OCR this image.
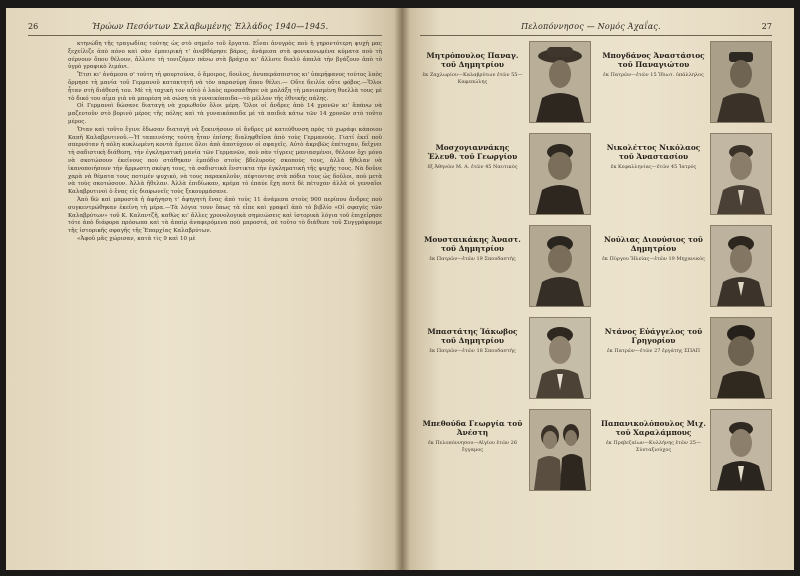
26	Ήρώων Πεσόντων Σκλαβωμένης Έλλάδος 1940—1945.

κτηνώδη τῆς τραγωδίας τούτης ὡς στὸ σημεῖο τοῦ ἔργατα. Εἶναι ἀνυγρὸς ποὺ ἡ γηροντότερη ψυχὴ μας ξεχείλιζε ἀπὸ πόνο καὶ σὰν ἐμπειρικὴ τ' ἀνεβθάρησε βάρος, ἀνάμεσα στὰ φονικονωμένα κύματα ποὺ τὴ σέρνουν ὅπου θέλουν, ἄλλοτε τὴ τονιζόμεν πάνω στὰ βράχια κι' ἄλλοτε διαλύ ἀπαλὰ τὴν βγάζουν ἀπὸ τὸ ὑγρὸ γραφικὸ λιμάνι.

Ἔτσι κι' ἀνάμεσα σ' τούτη τὴ φουρτούνα, ὁ ἄμοιρος, δουλος, ἀνυπεράσπιστος κι' ὑπερήφανος τούτος λαὸς ὅρμησε τὴ μανία τοῦ Γερμανοῦ κατακτητῆ νὰ τὸν παρασύρη ὅπου θέλει.— Οὔτε δειλία οὔτε φόβος.—Ὅλοι ἦταν στὴ διάθεσή του. Μὲ τὴ ταχικὴ τον αὐτὸ ὁ λαὸς προσπάθησε νὰ μαλάξη τὴ μανιασμένη θυελλὰ τους μὲ τὸ δικό του αἷμα γιὰ νὰ μπορέση νὰ σώση τὰ γυναικόπαιδα—τὸ μέλλον τῆς ἐθνικῆς πάλης.

Οἱ Γερμανοὶ δώσανε διαταγὴ νὰ χορωθοῦν ὅλοι μέρη. Ὅλοι οἱ ἄνδρες ἀπὸ 14 χρονῶν κι' ἄπάνω νὰ μαζευτοῦν στὸ βορινὸ μέρος τῆς πόλης καὶ τὰ γυναικόπαιδα μὲ τὰ παιδιὰ κάτω τῶν 14 χρονῶν στὸ τοῦτο μέρος.

Ὅταν καὶ τοῦτο ἔγινε ἔδωσαν διαταγὴ νὰ ξεκινήσουν οἱ ἄνδρες μὲ κατεύθυνση πρὸς τὸ χωράφι κάποιου Καπῆ Καλαβρυτινοῦ.—Ἡ ταπεινότης τούτη ἦταν ἐπίσης διαληφθεῖσα ἀπὸ τοὺς Γερμανούς. Γιατί ἐκεῖ ποῦ σπερνόταν ἡ πόλη κυκλωμένη κοντὰ ἔμεινε ὅλοι ἀπὸ ἀποτύχουν οἱ σφαγεῖς. Αὐτὸ ἀκριβῶς ἐπέτυχαν, δεῖχνει τὴ σαδιστικὴ διάθεση, τὴν ἐγκληματικὴ μανία τῶν Γερμανῶν, ποὺ σὰν τίγρεις μανιασμένοι, θέλουν ὄχι μόνο νὰ σκοτώσουν ἐκείνους ποὺ στάθηκαν ἐμπόδιο στοὺς βδελυροὺς σκοπούς τους, ἀλλὰ ἤθελαν νὰ ἱκανοποιήσουν τὴν ἄρρωστη σκέψη τους, τὰ σαδιστικὰ ἔνστικτα τὴν ἐγκληματική τῆς ψυχῆς τους. Νὰ δοῦνε χαρὰ νὰ θέματα τους ποτιμέν ψυχικὸ, νὰ τους παρακαλοῦν, πέφτοντας στὰ πόδια τους ὡς δοῦλοι, ποὺ μετὰ νὰ τοὺς σκοτώσουν. Ἀλλὰ ἤθελαν. Ἀλλὰ ἐπιδίωκαν, κρέμα τὸ ἐπαύε ἔχη ποτὲ δὲ πέτυχαν ἀλλὰ οἱ γενναῖοι Καλαβρυτινοὶ ὁ ἕνας εἰς διαφωνεῖς τοὺς ξεκουρμάσανε.

Ἀπὸ δῶ καὶ μπροστὰ ἡ ἀφήγηση τ' ἀφηγητὴ ἕνας ἀπὸ τοὺς 11 ἀνάμεσα στοὺς 900 περίπου ἄνδρες ποὺ συγκεντρώθηκαν ἐκείνη τὴ μέρα.—Τὰ λόγια τουν ὅπως τὰ εἶπε καὶ γραφεῖ ἀπὸ τὸ βιβλίο «Οἱ σφαγὲς τῶν Καλαβρύτων» τοῦ Κ. Καλαντζῆ, καθὼς κι' ἄλλες χρονολογικὰ σημειώσεις καὶ ἱστορικὰ λόγια τοῦ ἐπιχείρησε τότε ἀπὸ διάφορα πρόσωπα καὶ τὰ ἀπαὶρ ἀναφερόμενα ποὺ μπροστά, σὲ τοῦτο τὸ διάθεσε τοῦ Συγγράφουμε τῆς ἱστορικῆς σφαγῆς τῆς Ἐπαρχίας Καλαβρύτων.

«Ἀφοῦ μᾶς χώρισαν, κατὰ τὶς 9 καὶ 10 μὲ

Πελοπόννησος — Νομός Άχαΐας.	27
Μητρόπουλος Παναγ. τοῦ Δημητρίου
ἐκ Ζαχλωρίου—Καλαβρύτων ἐτῶν 55—Καφεπώλης
Μπογδάνος Ἀναστάσιος τοῦ Παναγιώτου
ἐκ Πατρῶν—ἐτῶν 15 Ἰδιωτ. ὑπάλληλος
Μοσχογιαννάκης Ἐλευθ. τοῦ Γεωργίου
ἐξ Ἀθηνῶν Μ. Α. ἐτῶν 45 Ναυτικός
Νικολέττος Νικόλαος τοῦ Ἀναστασίου
ἐκ Κεφαλληνίας—ἐτῶν 45 Ἰατρός
Μουσταικάκης Ἀναστ. τοῦ Δημητρίου
ἐκ Πατρῶν—ἐτῶν 19 Σπουδαστής
Νούλιας Διονύσιος τοῦ Δημητρίου
ἐκ Πύργου Ἠλείας—ἐτῶν 19 Μηχανικός
Μπαστάτης Ἰάκωβος τοῦ Δημητρίου
ἐκ Πατρῶν—ἐτῶν 18 Σπουδαστής
Ντάνος Εὐάγγελος τοῦ Γρηγορίου
ἐκ Πατρῶν—ἐτῶν 27 ἐργάτης ΣΠΑΠ
Μπεθούδα Γεωργία τοῦ Ἀνέστη
ἐκ Πελοπόννησου—Αἰγίου ἐτῶν 26 ἔγγαμος
Παπανικολόπουλος Μιχ. τοῦ Χαραλάμπους
ἐκ Πρεβεζαίων—Κυλλήνης ἐτῶν 25—Σύνταξιούχος
